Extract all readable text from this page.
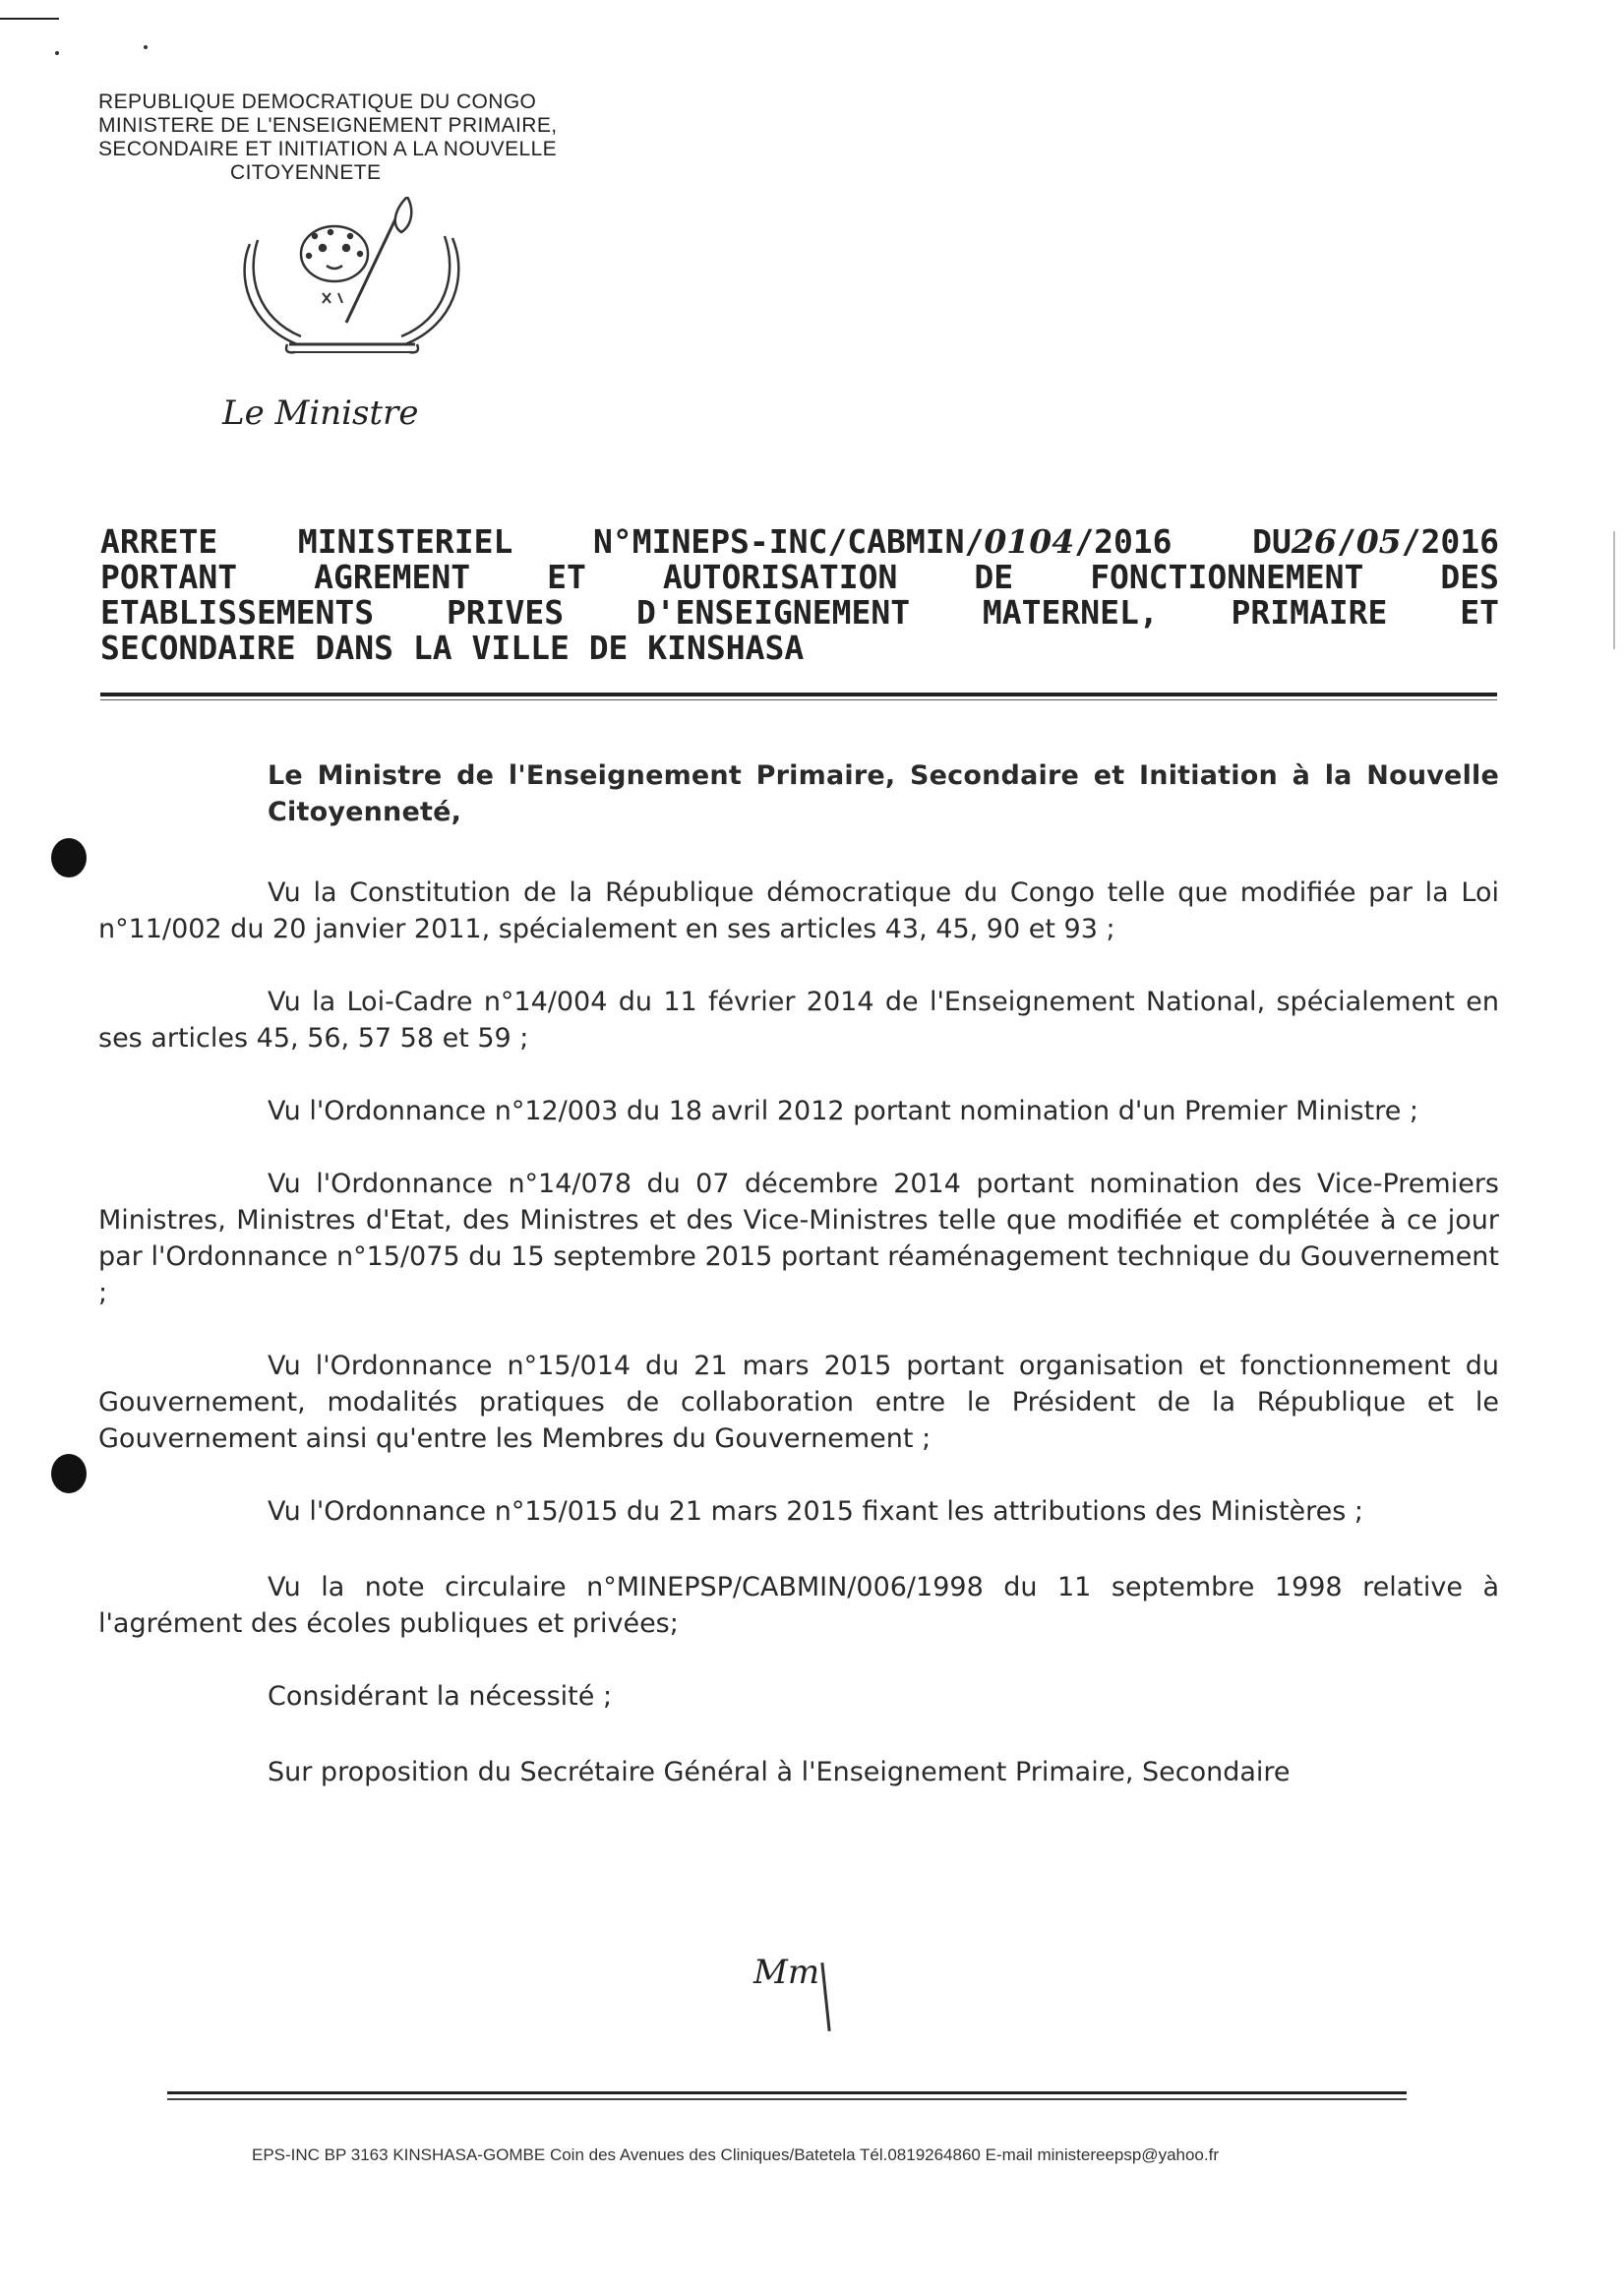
REPUBLIQUE DEMOCRATIQUE DU CONGO
MINISTERE DE L'ENSEIGNEMENT PRIMAIRE,
SECONDAIRE ET INITIATION A LA NOUVELLE
CITOYENNETE
Le Ministre
ARRETE MINISTERIEL N°MINEPS-INC/CABMIN/0104/2016 DU26/05/2016
PORTANT AGREMENT ET AUTORISATION DE FONCTIONNEMENT DES
ETABLISSEMENTS PRIVES D'ENSEIGNEMENT MATERNEL, PRIMAIRE ET
SECONDAIRE DANS LA VILLE DE KINSHASA
Le Ministre de l'Enseignement Primaire, Secondaire et Initiation à la Nouvelle Citoyenneté,

Vu la Constitution de la République démocratique du Congo telle que modifiée par la Loi n°11/002 du 20 janvier 2011, spécialement en ses articles 43, 45, 90 et 93 ;

Vu la Loi-Cadre n°14/004 du 11 février 2014 de l'Enseignement National, spécialement en ses articles 45, 56, 57 58 et 59 ;

Vu l'Ordonnance n°12/003 du 18 avril 2012 portant nomination d'un Premier Ministre ;

Vu l'Ordonnance n°14/078 du 07 décembre 2014 portant nomination des Vice-Premiers Ministres, Ministres d'Etat, des Ministres et des Vice-Ministres telle que modifiée et complétée à ce jour par l'Ordonnance n°15/075 du 15 septembre 2015 portant réaménagement technique du Gouvernement ;

Vu l'Ordonnance n°15/014 du 21 mars 2015 portant organisation et fonctionnement du Gouvernement, modalités pratiques de collaboration entre le Président de la République et le Gouvernement ainsi qu'entre les Membres du Gouvernement ;

Vu l'Ordonnance n°15/015 du 21 mars 2015 fixant les attributions des Ministères ;

Vu la note circulaire n°MINEPSP/CABMIN/006/1998 du 11 septembre 1998 relative à l'agrément des écoles publiques et privées;

Considérant la nécessité ;

Sur proposition du Secrétaire Général à l'Enseignement Primaire, Secondaire

Mm
EPS-INC BP 3163 KINSHASA-GOMBE Coin des Avenues des Cliniques/Batetela Tél.0819264860 E-mail ministereepsp@yahoo.fr
